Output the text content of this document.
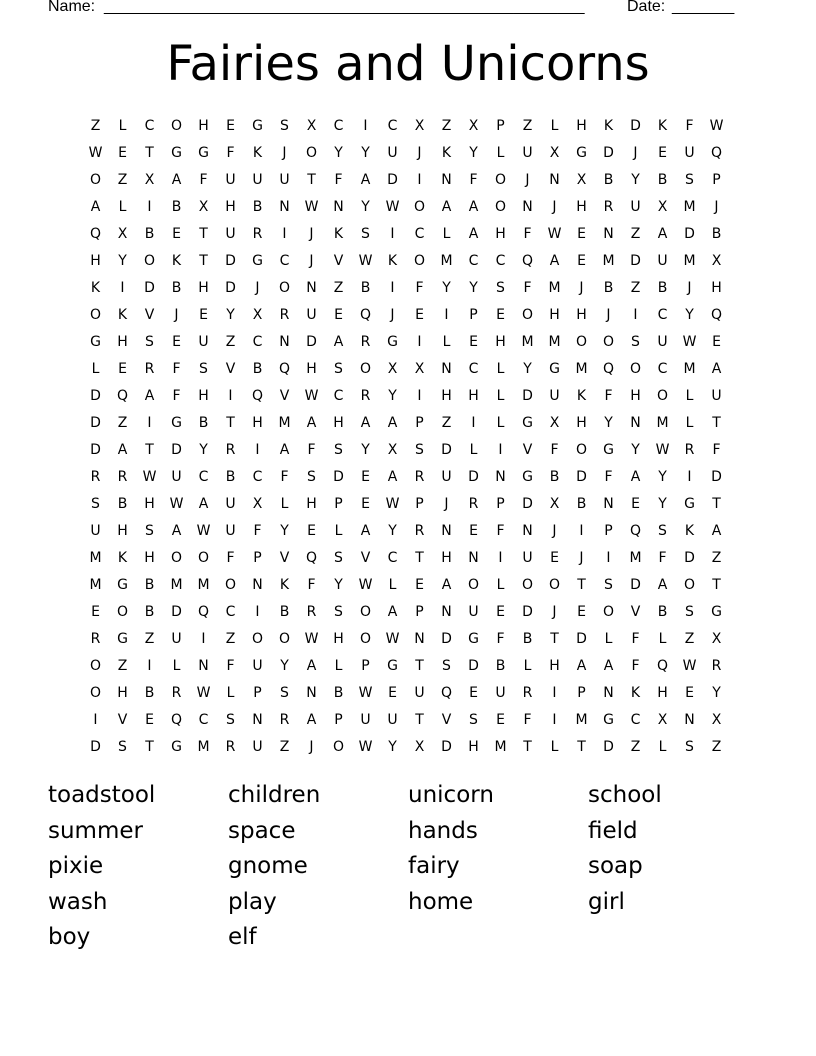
Name: ______________________________________________________	Date: _______
Fairies and Unicorns
Z	L	C	O	H	E	G	S	X	C	I	C	X	Z	X	P	Z	L	H	K	D	K	F	W
W	E	T	G	G	F	K	J	O	Y	Y	U	J	K	Y	L	U	X	G	D	J	E	U	Q
O	Z	X	A	F	U	U	U	T	F	A	D	I	N	F	O	J	N	X	B	Y	B	S	P
A	L	I	B	X	H	B	N	W	N	Y	W	O	A	A	O	N	J	H	R	U	X	M	J
Q	X	B	E	T	U	R	I	J	K	S	I	C	L	A	H	F	W	E	N	Z	A	D	B
H	Y	O	K	T	D	G	C	J	V	W	K	O	M	C	C	Q	A	E	M	D	U	M	X
K	I	D	B	H	D	J	O	N	Z	B	I	F	Y	Y	S	F	M	J	B	Z	B	J	H
O	K	V	J	E	Y	X	R	U	E	Q	J	E	I	P	E	O	H	H	J	I	C	Y	Q
G	H	S	E	U	Z	C	N	D	A	R	G	I	L	E	H	M	M	O	O	S	U	W	E
L	E	R	F	S	V	B	Q	H	S	O	X	X	N	C	L	Y	G	M	Q	O	C	M	A
D	Q	A	F	H	I	Q	V	W	C	R	Y	I	H	H	L	D	U	K	F	H	O	L	U
D	Z	I	G	B	T	H	M	A	H	A	A	P	Z	I	L	G	X	H	Y	N	M	L	T
D	A	T	D	Y	R	I	A	F	S	Y	X	S	D	L	I	V	F	O	G	Y	W	R	F
R	R	W	U	C	B	C	F	S	D	E	A	R	U	D	N	G	B	D	F	A	Y	I	D
S	B	H	W	A	U	X	L	H	P	E	W	P	J	R	P	D	X	B	N	E	Y	G	T
U	H	S	A	W	U	F	Y	E	L	A	Y	R	N	E	F	N	J	I	P	Q	S	K	A
M	K	H	O	O	F	P	V	Q	S	V	C	T	H	N	I	U	E	J	I	M	F	D	Z
M	G	B	M	M	O	N	K	F	Y	W	L	E	A	O	L	O	O	T	S	D	A	O	T
E	O	B	D	Q	C	I	B	R	S	O	A	P	N	U	E	D	J	E	O	V	B	S	G
R	G	Z	U	I	Z	O	O	W	H	O	W	N	D	G	F	B	T	D	L	F	L	Z	X
O	Z	I	L	N	F	U	Y	A	L	P	G	T	S	D	B	L	H	A	A	F	Q	W	R
O	H	B	R	W	L	P	S	N	B	W	E	U	Q	E	U	R	I	P	N	K	H	E	Y
I	V	E	Q	C	S	N	R	A	P	U	U	T	V	S	E	F	I	M	G	C	X	N	X
D	S	T	G	M	R	U	Z	J	O	W	Y	X	D	H	M	T	L	T	D	Z	L	S	Z
toadstool	children	unicorn	school
summer	space	hands	field
pixie	gnome	fairy	soap
wash	play	home	girl
boy	elf
